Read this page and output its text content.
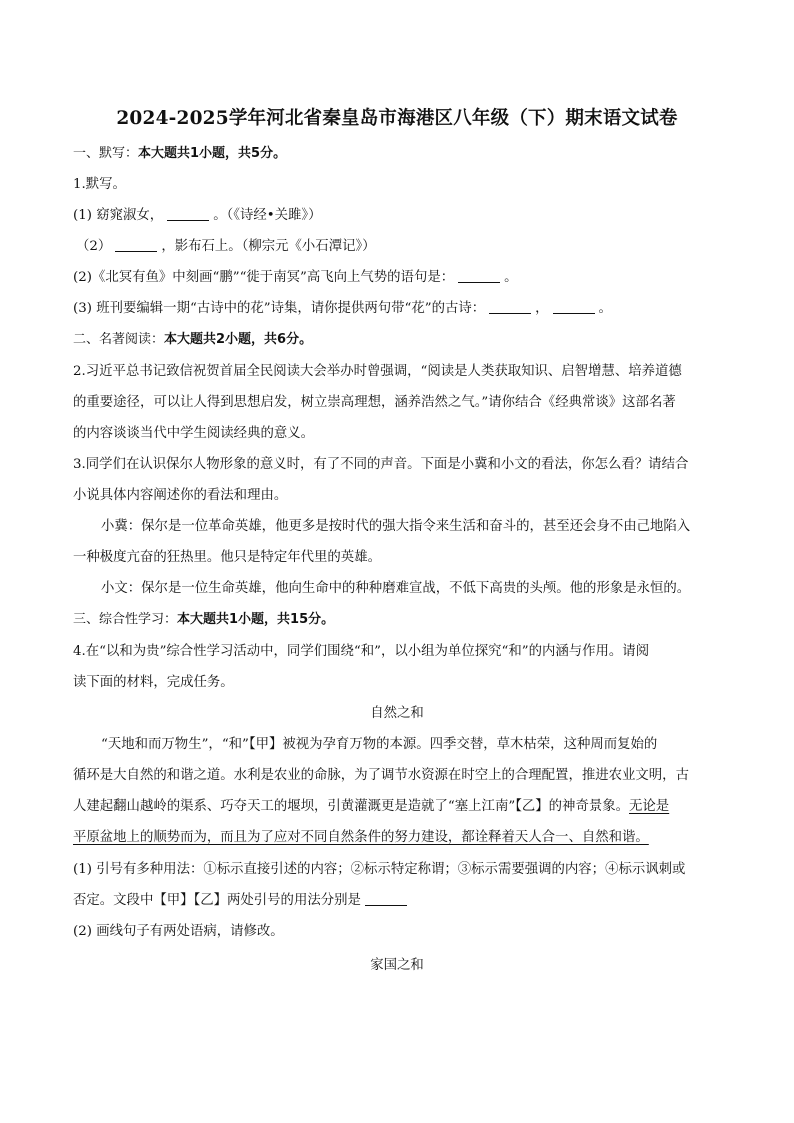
2024-2025学年河北省秦皇岛市海港区八年级（下）期末语文试卷
一、默写：本大题共1小题，共5分。
1.默写。
(1) 窈窕淑女，	。（《诗经•关雎》）
（2）	，影布石上。（柳宗元《小石潭记》）
(2)《北冥有鱼》中刻画“鹏”“徙于南冥”高飞向上气势的语句是：	。
(3) 班刊要编辑一期“古诗中的花”诗集，请你提供两句带“花”的古诗：	，	。
二、名著阅读：本大题共2小题，共6分。
2.习近平总书记致信祝贺首届全民阅读大会举办时曾强调，“阅读是人类获取知识、启智增慧、培养道德
的重要途径，可以让人得到思想启发，树立崇高理想，涵养浩然之气。”请你结合《经典常谈》这部名著
的内容谈谈当代中学生阅读经典的意义。
3.同学们在认识保尔人物形象的意义时，有了不同的声音。下面是小冀和小文的看法，你怎么看？请结合
小说具体内容阐述你的看法和理由。
小冀：保尔是一位革命英雄，他更多是按时代的强大指令来生活和奋斗的，甚至还会身不由己地陷入
一种极度亢奋的狂热里。他只是特定年代里的英雄。
小文：保尔是一位生命英雄，他向生命中的种种磨难宣战，不低下高贵的头颅。他的形象是永恒的。
三、综合性学习：本大题共1小题，共15分。
4.在“以和为贵”综合性学习活动中，同学们围绕“和”，以小组为单位探究“和”的内涵与作用。请阅
读下面的材料，完成任务。
自然之和
“天地和而万物生”，“和”【甲】被视为孕育万物的本源。四季交替，草木枯荣，这种周而复始的
循环是大自然的和谐之道。水利是农业的命脉，为了调节水资源在时空上的合理配置，推进农业文明，古
人建起翻山越岭的渠系、巧夺天工的堰坝，引黄灌溉更是造就了“塞上江南”【乙】的神奇景象。无论是
平原盆地上的顺势而为，而且为了应对不同自然条件的努力建设，都诠释着天人合一、自然和谐。
(1) 引号有多种用法：①标示直接引述的内容；②标示特定称谓；③标示需要强调的内容；④标示讽刺或
否定。文段中【甲】【乙】两处引号的用法分别是
(2) 画线句子有两处语病，请修改。
家国之和
